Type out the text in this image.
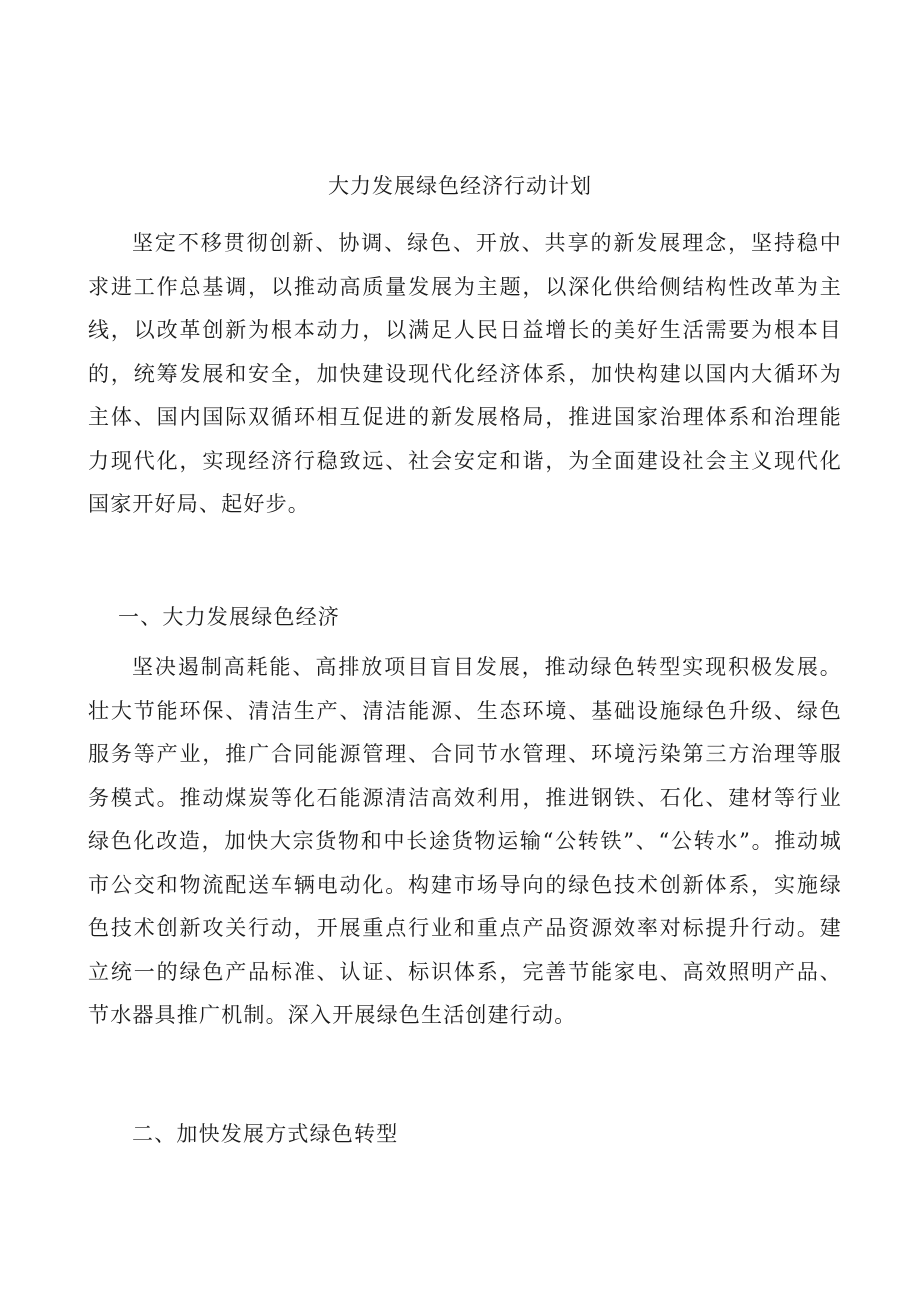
大力发展绿色经济行动计划

坚定不移贯彻创新、协调、绿色、开放、共享的新发展理念，坚持稳中求进工作总基调，以推动高质量发展为主题，以深化供给侧结构性改革为主线，以改革创新为根本动力，以满足人民日益增长的美好生活需要为根本目的，统筹发展和安全，加快建设现代化经济体系，加快构建以国内大循环为主体、国内国际双循环相互促进的新发展格局，推进国家治理体系和治理能力现代化，实现经济行稳致远、社会安定和谐，为全面建设社会主义现代化国家开好局、起好步。

一、大力发展绿色经济

坚决遏制高耗能、高排放项目盲目发展，推动绿色转型实现积极发展。壮大节能环保、清洁生产、清洁能源、生态环境、基础设施绿色升级、绿色服务等产业，推广合同能源管理、合同节水管理、环境污染第三方治理等服务模式。推动煤炭等化石能源清洁高效利用，推进钢铁、石化、建材等行业绿色化改造，加快大宗货物和中长途货物运输“公转铁”、“公转水”。推动城市公交和物流配送车辆电动化。构建市场导向的绿色技术创新体系，实施绿色技术创新攻关行动，开展重点行业和重点产品资源效率对标提升行动。建立统一的绿色产品标准、认证、标识体系，完善节能家电、高效照明产品、节水器具推广机制。深入开展绿色生活创建行动。

二、加快发展方式绿色转型
